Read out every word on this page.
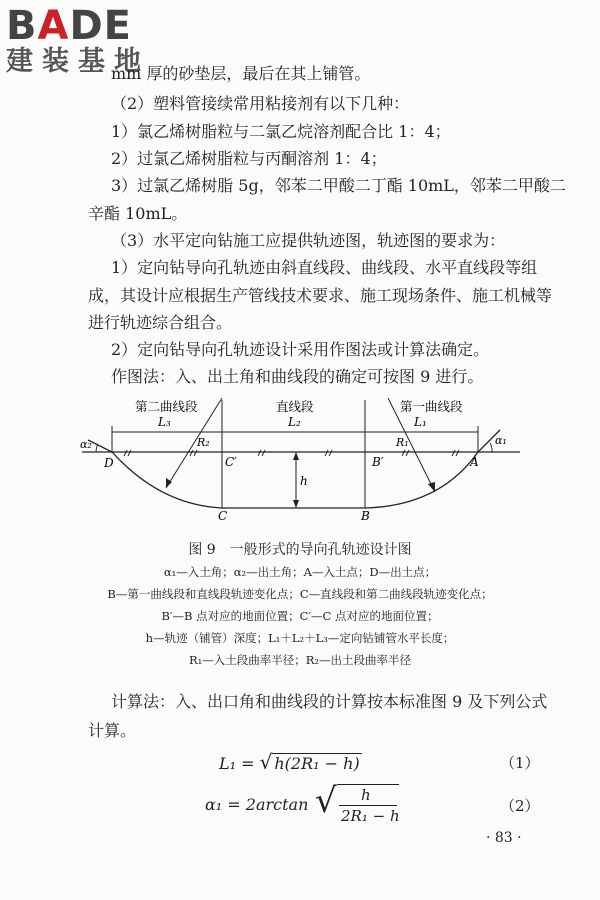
BADE
建装基地
mm 厚的砂垫层，最后在其上铺管。
（2）塑料管接续常用粘接剂有以下几种：
1）氯乙烯树脂粒与二氯乙烷溶剂配合比 1：4；
2）过氯乙烯树脂粒与丙酮溶剂 1：4；
3）过氯乙烯树脂 5g，邻苯二甲酸二丁酯 10mL，邻苯二甲酸二
辛酯 10mL。
（3）水平定向钻施工应提供轨迹图，轨迹图的要求为：
1）定向钻导向孔轨迹由斜直线段、曲线段、水平直线段等组
成，其设计应根据生产管线技术要求、施工现场条件、施工机械等
进行轨迹综合组合。
2）定向钻导向孔轨迹设计采用作图法或计算法确定。
作图法：入、出土角和曲线段的确定可按图 9 进行。
第二曲线段	直线段	第一曲线段
L₃	L₂	L₁
R₂	R₁
α₂	α₁
D	C′	B′	A
h
C	B
图 9　一般形式的导向孔轨迹设计图
α₁—入土角；α₂—出土角；A—入土点；D—出土点；
B—第一曲线段和直线段轨迹变化点；C—直线段和第二曲线段轨迹变化点；
B′—B 点对应的地面位置；C′—C 点对应的地面位置；
h—轨迹（铺管）深度；L₁＋L₂＋L₃—定向钻铺管水平长度；
R₁—入土段曲率半径；R₂—出土段曲率半径
计算法：入、出口角和曲线段的计算按本标准图 9 及下列公式
计算。
L₁ = √ h(2R₁ − h)	（1）
α₁ = 2arctan √ h
2R₁ − h
（2）
· 83 ·
